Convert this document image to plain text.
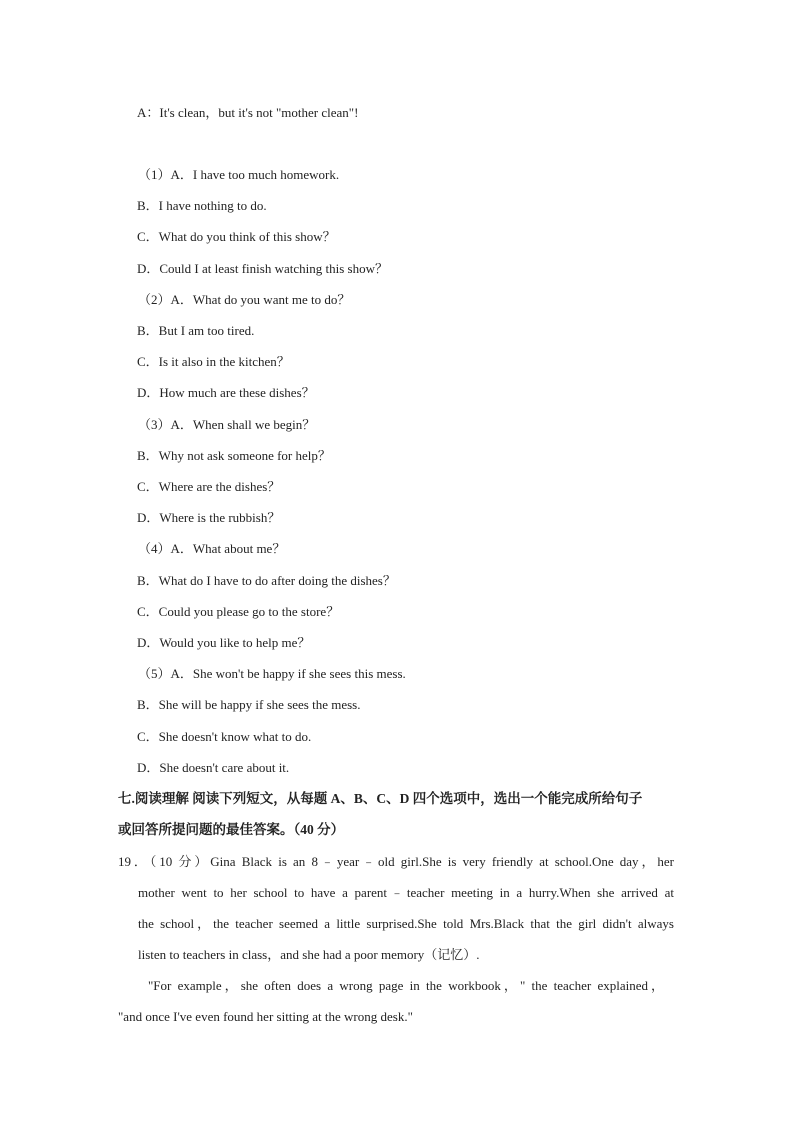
A：It's clean，but it's not "mother clean"!
（1）A．I have too much homework.
B．I have nothing to do.
C．What do you think of this show？
D．Could I at least finish watching this show？
（2）A．What do you want me to do？
B．But I am too tired.
C．Is it also in the kitchen？
D．How much are these dishes？
（3）A．When shall we begin？
B．Why not ask someone for help？
C．Where are the dishes？
D．Where is the rubbish？
（4）A．What about me？
B．What do I have to do after doing the dishes？
C．Could you please go to the store？
D．Would you like to help me？
（5）A．She won't be happy if she sees this mess.
B．She will be happy if she sees the mess.
C．She doesn't know what to do.
D．She doesn't care about it.
七.阅读理解 阅读下列短文，从每题 A、B、C、D 四个选项中，选出一个能完成所给句子
或回答所提问题的最佳答案。（40 分）
19．（10 分）Gina Black is an 8﹣year﹣old girl.She is very friendly at school.One day，her
mother went to her school to have a parent﹣teacher meeting in a hurry.When she arrived at
the school，the teacher seemed a little surprised.She told Mrs.Black that the girl didn't always
listen to teachers in class，and she had a poor memory（记忆）.
"For example，she often does a wrong page in the workbook，" the teacher explained，
"and once I've even found her sitting at the wrong desk."
